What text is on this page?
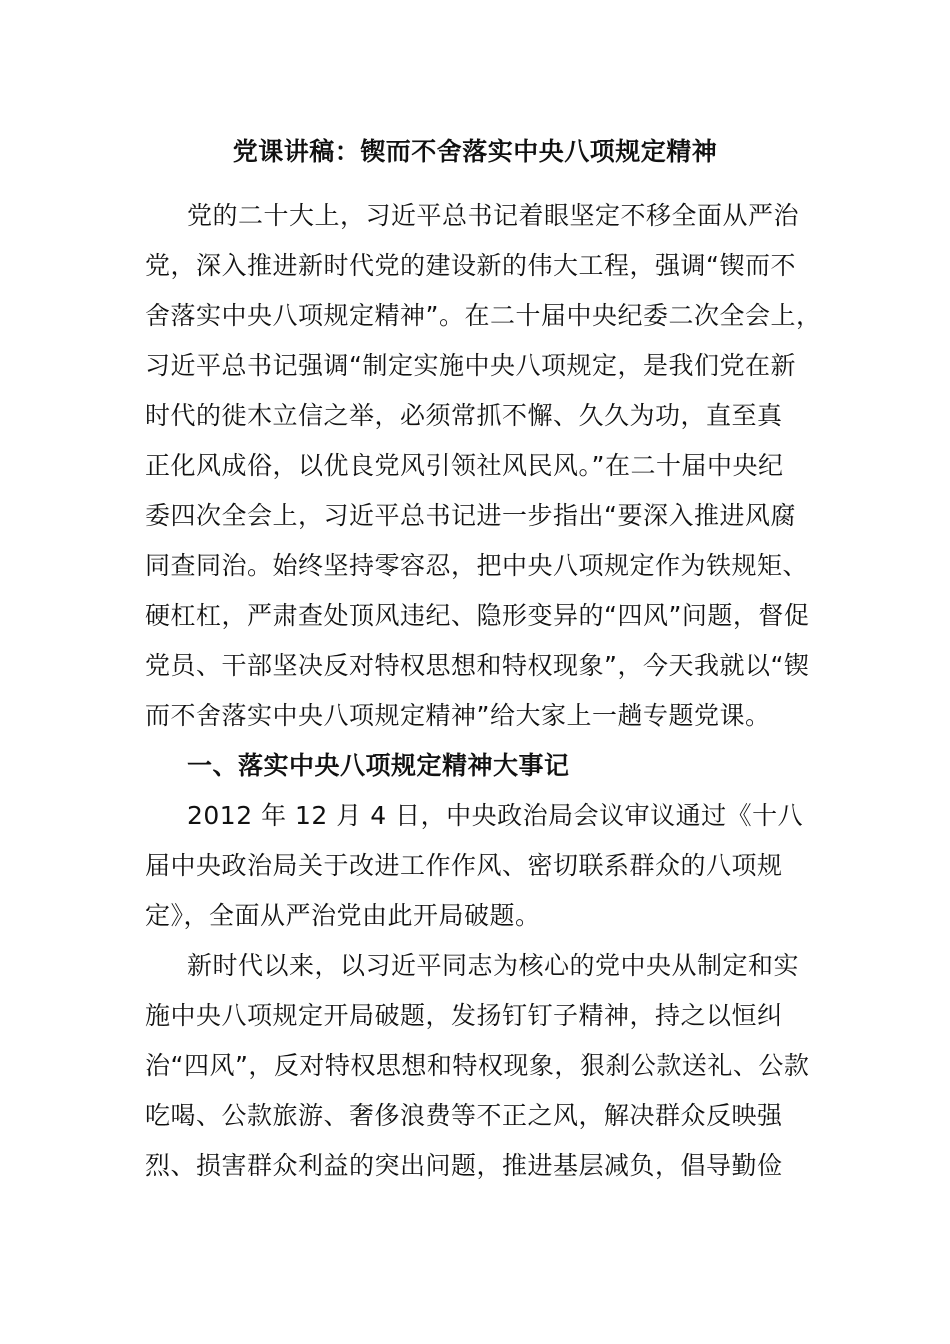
党课讲稿：锲而不舍落实中央八项规定精神
党的二十大上，习近平总书记着眼坚定不移全面从严治
党，深入推进新时代党的建设新的伟大工程，强调“锲而不
舍落实中央八项规定精神”。在二十届中央纪委二次全会上，
习近平总书记强调“制定实施中央八项规定，是我们党在新
时代的徙木立信之举，必须常抓不懈、久久为功，直至真
正化风成俗，以优良党风引领社风民风。”在二十届中央纪
委四次全会上，习近平总书记进一步指出“要深入推进风腐
同查同治。始终坚持零容忍，把中央八项规定作为铁规矩、
硬杠杠，严肃查处顶风违纪、隐形变异的“四风”问题，督促
党员、干部坚决反对特权思想和特权现象”，今天我就以“锲
而不舍落实中央八项规定精神”给大家上一趟专题党课。
一、落实中央八项规定精神大事记
2012 年 12 月 4 日，中央政治局会议审议通过《十八
届中央政治局关于改进工作作风、密切联系群众的八项规
定》，全面从严治党由此开局破题。
新时代以来，以习近平同志为核心的党中央从制定和实
施中央八项规定开局破题，发扬钉钉子精神，持之以恒纠
治“四风”，反对特权思想和特权现象，狠刹公款送礼、公款
吃喝、公款旅游、奢侈浪费等不正之风，解决群众反映强
烈、损害群众利益的突出问题，推进基层减负，倡导勤俭
